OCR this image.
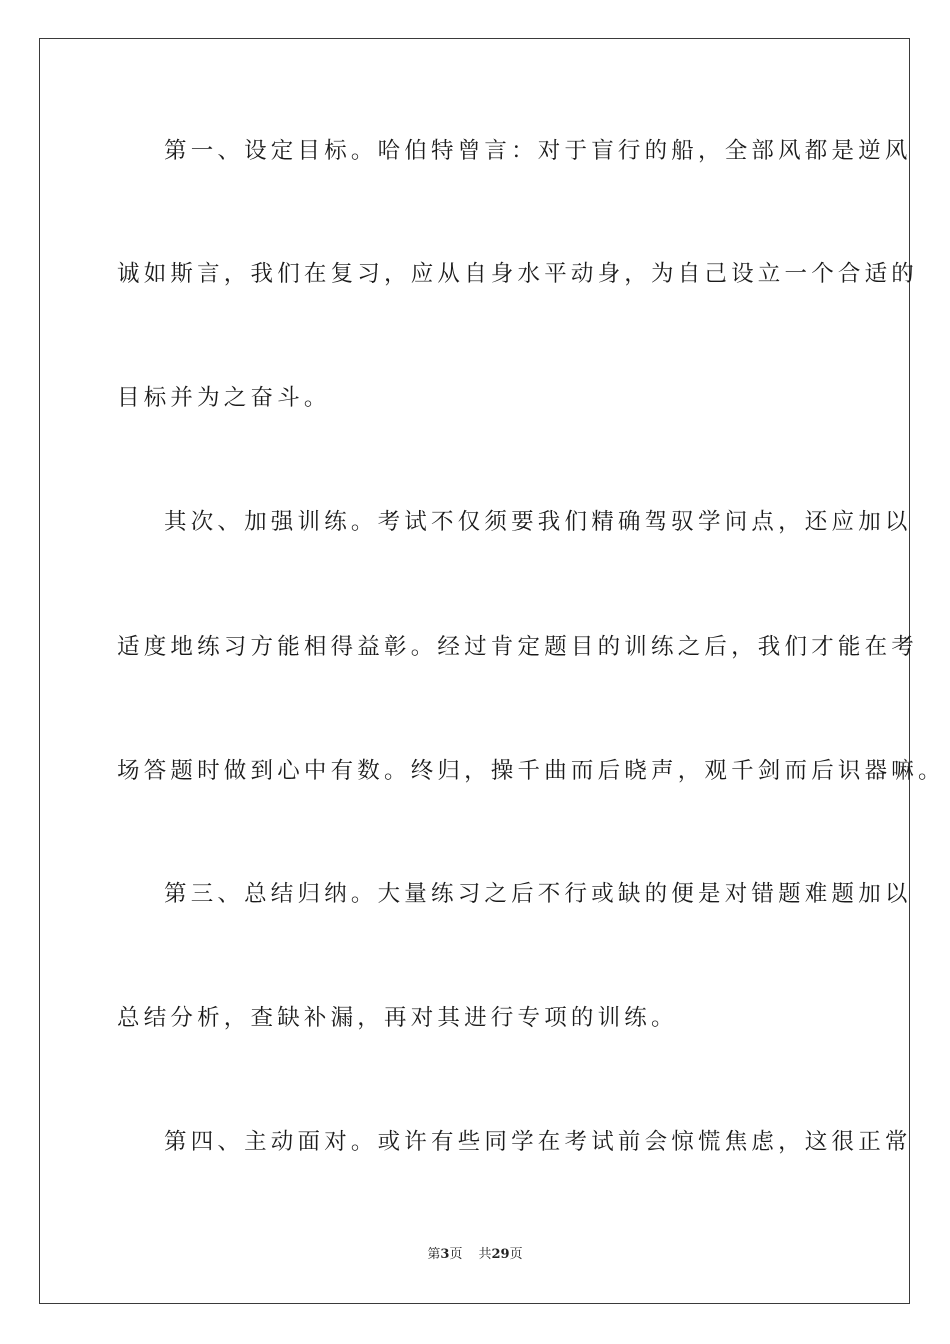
第一、设定目标。哈伯特曾言：对于盲行的船，全部风都是逆风
诚如斯言，我们在复习，应从自身水平动身，为自己设立一个合适的
目标并为之奋斗。
其次、加强训练。考试不仅须要我们精确驾驭学问点，还应加以
适度地练习方能相得益彰。经过肯定题目的训练之后，我们才能在考
场答题时做到心中有数。终归，操千曲而后晓声，观千剑而后识器嘛。
第三、总结归纳。大量练习之后不行或缺的便是对错题难题加以
总结分析，查缺补漏，再对其进行专项的训练。
第四、主动面对。或许有些同学在考试前会惊慌焦虑，这很正常
第3页 共29页
